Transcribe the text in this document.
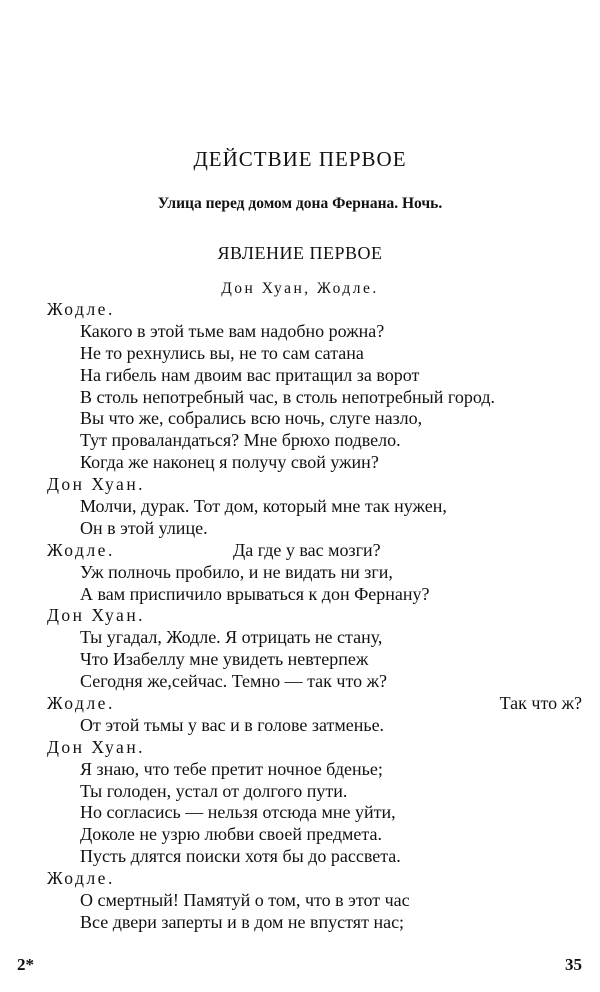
ДЕЙСТВИЕ ПЕРВОЕ
Улица перед домом дона Фернана. Ночь.
ЯВЛЕНИЕ ПЕРВОЕ
Дон Хуан, Жодле.
Жодле.
Какого в этой тьме вам надобно рожна?
Не то рехнулись вы, не то сам сатана
На гибель нам двоим вас притащил за ворот
В столь непотребный час, в столь непотребный город.
Вы что же, собрались всю ночь, слуге назло,
Тут проваландаться? Мне брюхо подвело.
Когда же наконец я получу свой ужин?
Дон Хуан.
Молчи, дурак. Тот дом, который мне так нужен,
Он в этой улице.
Жодле.	Да где у вас мозги?
Уж полночь пробило, и не видать ни зги,
А вам приспичило врываться к дон Фернану?
Дон Хуан.
Ты угадал, Жодле. Я отрицать не стану,
Что Изабеллу мне увидеть невтерпеж
Сегодня же,сейчас. Темно — так что ж?
Жодле.	Так что ж?
От этой тьмы у вас и в голове затменье.
Дон Хуан.
Я знаю, что тебе претит ночное бденье;
Ты голоден, устал от долгого пути.
Но согласись — нельзя отсюда мне уйти,
Доколе не узрю любви своей предмета.
Пусть длятся поиски хотя бы до рассвета.
Жодле.
О смертный! Памятуй о том, что в этот час
Все двери заперты и в дом не впустят нас;
2*	35
